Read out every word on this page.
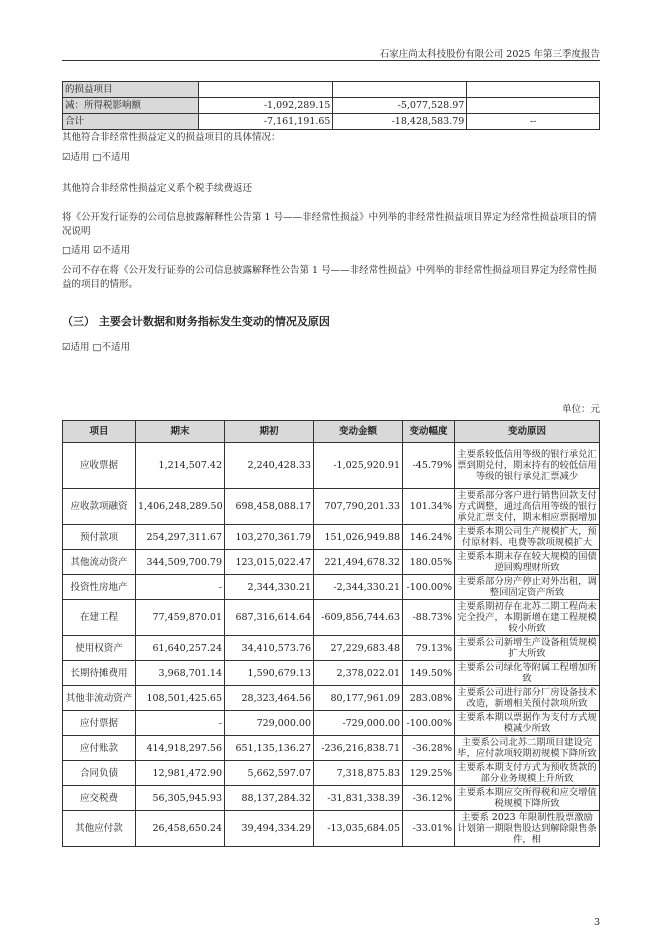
石家庄尚太科技股份有限公司 2025 年第三季度报告
的损益项目			
减：所得税影响额	-1,092,289.15	-5,077,528.97	
合计	-7,161,191.65	-18,428,583.79	--
其他符合非经常性损益定义的损益项目的具体情况：
☑适用 □不适用
其他符合非经常性损益定义系个税手续费返还
将《公开发行证券的公司信息披露解释性公告第 1 号——非经常性损益》中列举的非经常性损益项目界定为经常性损益项目的情况说明
□适用 ☑不适用
公司不存在将《公开发行证券的公司信息披露解释性公告第 1 号——非经常性损益》中列举的非经常性损益项目界定为经常性损益的项目的情形。
（三） 主要会计数据和财务指标发生变动的情况及原因
☑适用 □不适用
单位：元
项目	期末	期初	变动金额	变动幅度	变动原因
应收票据	1,214,507.42	2,240,428.33	-1,025,920.91	-45.79%	主要系较低信用等级的银行承兑汇票到期兑付，期末持有的较低信用等级的银行承兑汇票减少
应收款项融资	1,406,248,289.50	698,458,088.17	707,790,201.33	101.34%	主要系部分客户进行销售回款支付方式调整，通过高信用等级的银行承兑汇票支付，期末相应票据增加
预付款项	254,297,311.67	103,270,361.79	151,026,949.88	146.24%	主要系本期公司生产规模扩大，预付原材料、电费等款项规模扩大
其他流动资产	344,509,700.79	123,015,022.47	221,494,678.32	180.05%	主要系本期末存在较大规模的国债逆回购理财所致
投资性房地产	-	2,344,330.21	-2,344,330.21	-100.00%	主要系部分房产停止对外出租，调整回固定资产所致
在建工程	77,459,870.01	687,316,614.64	-609,856,744.63	-88.73%	主要系期初存在北苏二期工程尚未完全投产，本期新增在建工程规模较小所致
使用权资产	61,640,257.24	34,410,573.76	27,229,683.48	79.13%	主要系公司新增生产设备租赁规模扩大所致
长期待摊费用	3,968,701.14	1,590,679.13	2,378,022.01	149.50%	主要系公司绿化等附属工程增加所致
其他非流动资产	108,501,425.65	28,323,464.56	80,177,961.09	283.08%	主要系公司进行部分厂房设备技术改造，新增相关预付款项所致
应付票据	-	729,000.00	-729,000.00	-100.00%	主要系本期以票据作为支付方式规模减少所致
应付账款	414,918,297.56	651,135,136.27	-236,216,838.71	-36.28%	主要系公司北苏二期项目建设完毕，应付款项较期初规模下降所致
合同负债	12,981,472.90	5,662,597.07	7,318,875.83	129.25%	主要系本期支付方式为预收货款的部分业务规模上升所致
应交税费	56,305,945.93	88,137,284.32	-31,831,338.39	-36.12%	主要系本期应交所得税和应交增值税规模下降所致
其他应付款	26,458,650.24	39,494,334.29	-13,035,684.05	-33.01%	主要系 2023 年限制性股票激励计划第一期限售股达到解除限售条件，相
3
